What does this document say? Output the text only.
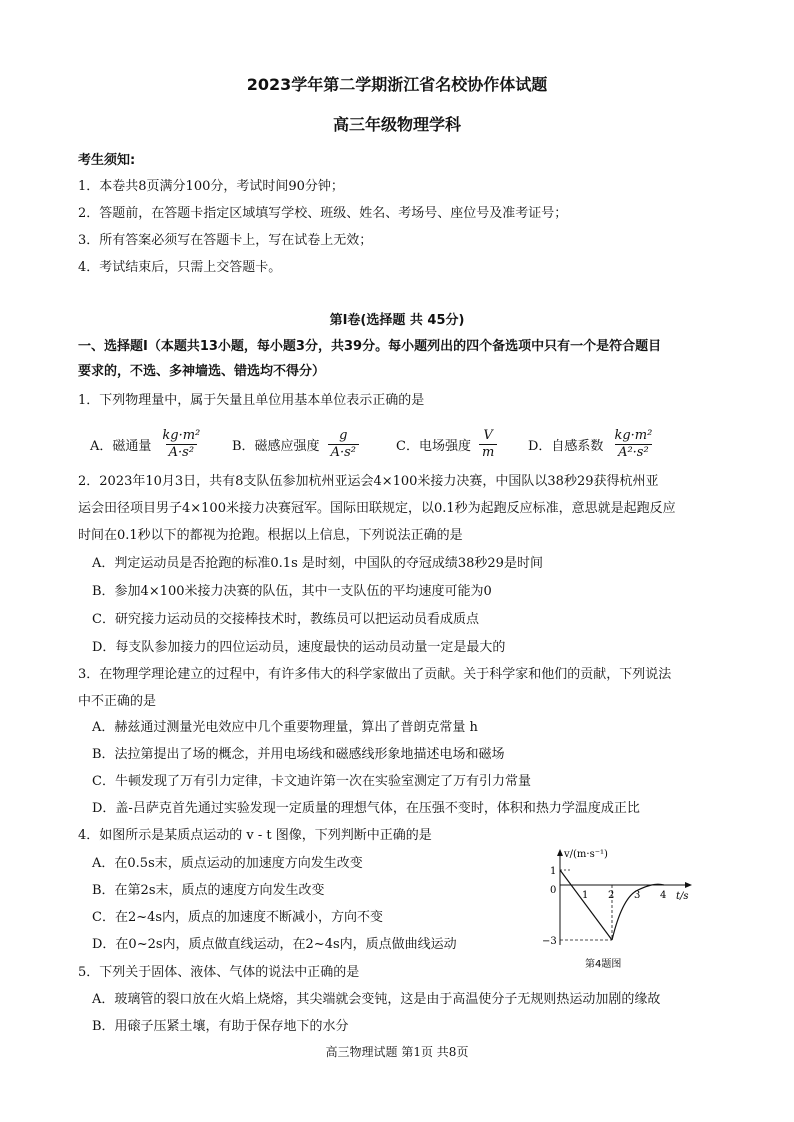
2023学年第二学期浙江省名校协作体试题
高三年级物理学科
考生须知:
1．本卷共8页满分100分，考试时间90分钟；
2．答题前，在答题卡指定区域填写学校、班级、姓名、考场号、座位号及准考证号；
3．所有答案必须写在答题卡上，写在试卷上无效；
4．考试结束后，只需上交答题卡。
第Ⅰ卷(选择题 共 45分)
一、选择题Ⅰ（本题共13小题，每小题3分，共39分。每小题列出的四个备选项中只有一个是符合题目
要求的，不选、多神墙选、错选均不得分）
1．下列物理量中，属于矢量且单位用基本单位表示正确的是
A．磁通量 $\frac{\text{kg·m²}}{\text{A·s²}}$ B．磁感应强度 $\frac{g}{\text{A·s²}}$	C．电场强度 $\frac{V}{m}$ D．自感系数 $\frac{\text{kg·m²}}{\text{A²·s²}}$
2．2023年10月3日，共有8支队伍参加杭州亚运会4×100米接力决赛，中国队以38秒29获得杭州亚
运会田径项目男子4×100米接力决赛冠军。国际田联规定，以0.1秒为起跑反应标准，意思就是起跑反应
时间在0.1秒以下的都视为抢跑。根据以上信息，下列说法正确的是
A．判定运动员是否抢跑的标准0.1s 是时刻，中国队的夺冠成绩38秒29是时间
B．参加4×100米接力决赛的队伍，其中一支队伍的平均速度可能为0
C．研究接力运动员的交接棒技术时，教练员可以把运动员看成质点
D．每支队参加接力的四位运动员，速度最快的运动员动量一定是最大的
3．在物理学理论建立的过程中，有许多伟大的科学家做出了贡献。关于科学家和他们的贡献，下列说法
中不正确的是
A．赫兹通过测量光电效应中几个重要物理量，算出了普朗克常量 h
B．法拉第提出了场的概念，并用电场线和磁感线形象地描述电场和磁场
C．牛顿发现了万有引力定律，卡文迪许第一次在实验室测定了万有引力常量
D．盖-吕萨克首先通过实验发现一定质量的理想气体，在压强不变时，体积和热力学温度成正比
4．如图所示是某质点运动的 v - t 图像，下列判断中正确的是
A．在0.5s末，质点运动的加速度方向发生改变
B．在第2s末，质点的速度方向发生改变
C．在2~4s内，质点的加速度不断减小，方向不变
D．在0~2s内，质点做直线运动，在2~4s内，质点做曲线运动
v/(m·s⁻¹)
1
0
−3
1 2 3 4 t/s
第4题图
5．下列关于固体、液体、气体的说法中正确的是
A．玻璃管的裂口放在火焰上烧熔，其尖端就会变钝，这是由于高温使分子无规则热运动加剧的缘故
B．用磙子压紧土壤，有助于保存地下的水分
高三物理试题 第1页 共8页
